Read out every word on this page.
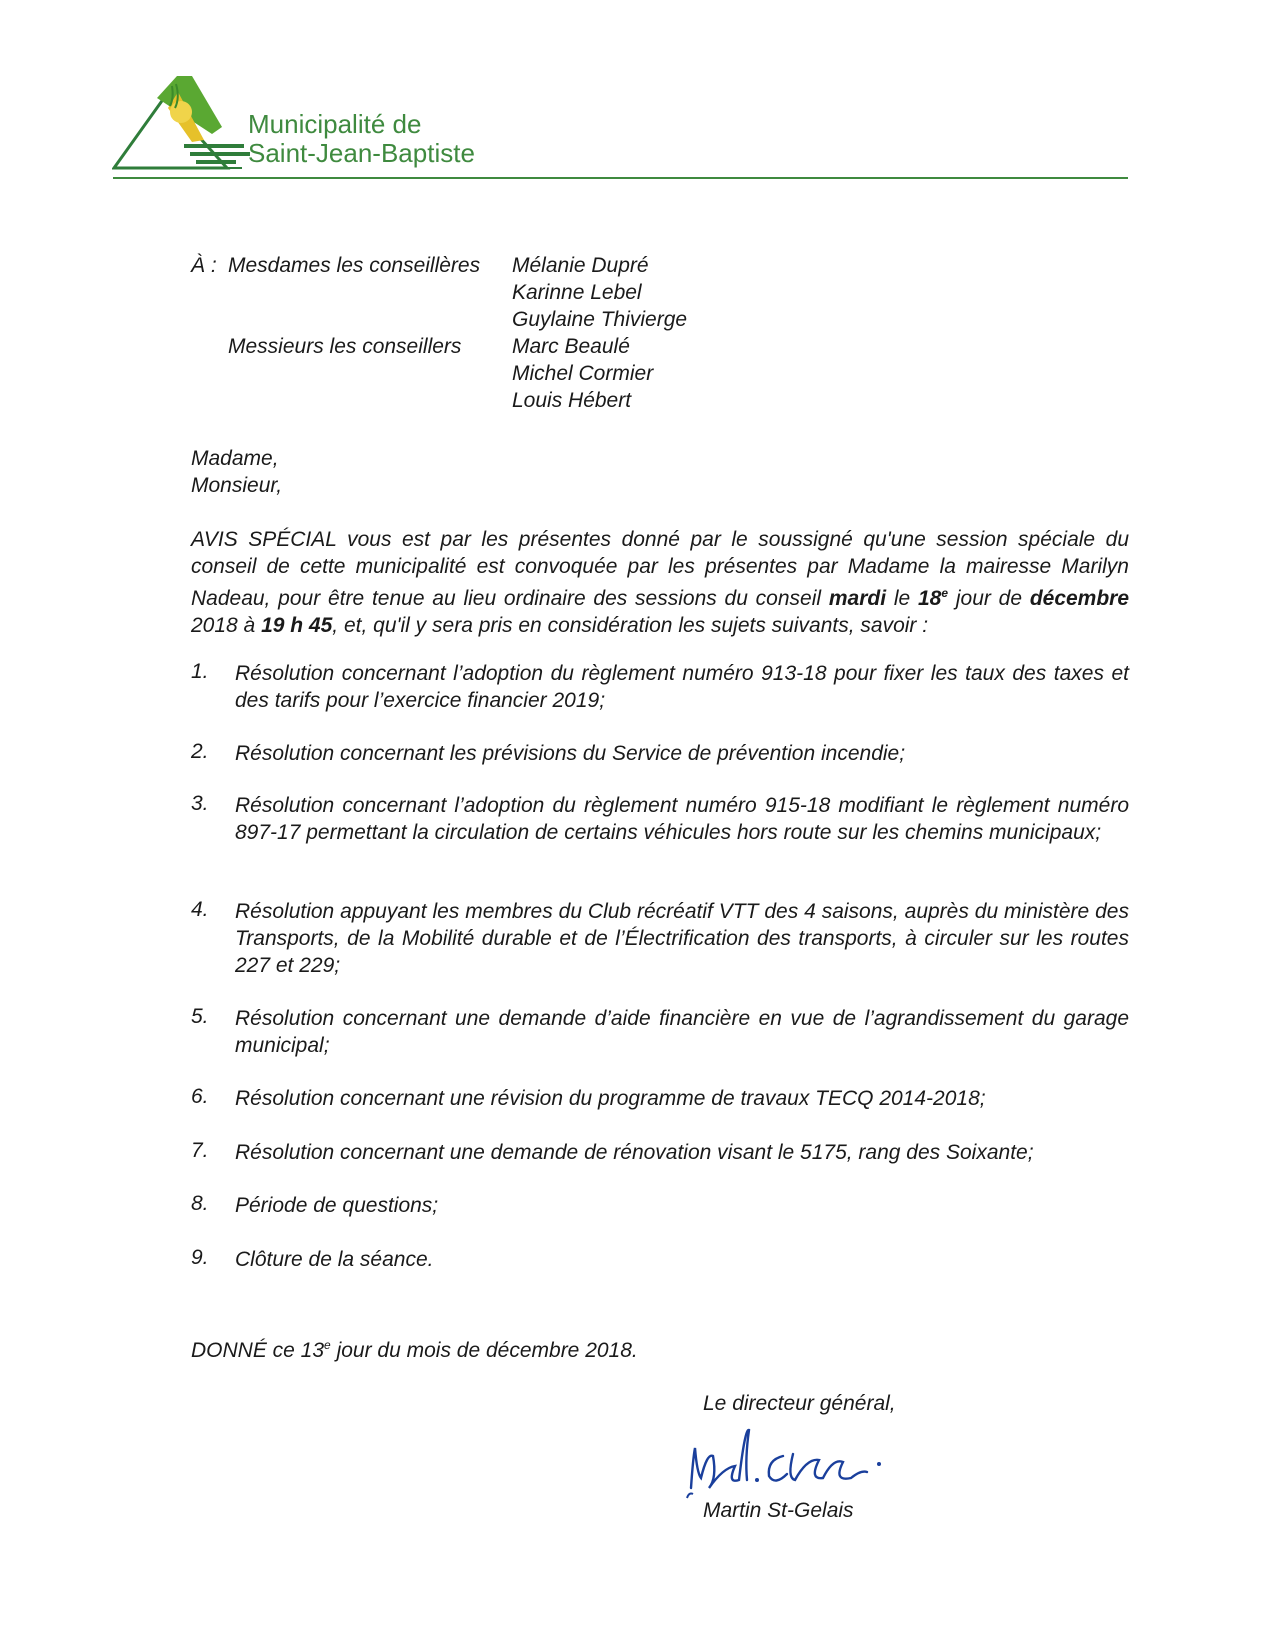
Municipalité de
Saint-Jean-Baptiste
À : Mesdames les conseillères Mélanie Dupré
Karinne Lebel
Guylaine Thivierge
Messieurs les conseillers Marc Beaulé
Michel Cormier
Louis Hébert
Madame,
Monsieur,
AVIS SPÉCIAL vous est par les présentes donné par le soussigné qu'une session spéciale du conseil de cette municipalité est convoquée par les présentes par Madame la mairesse Marilyn Nadeau, pour être tenue au lieu ordinaire des sessions du conseil mardi le 18e jour de décembre 2018 à 19 h 45, et, qu'il y sera pris en considération les sujets suivants, savoir :
1. Résolution concernant l’adoption du règlement numéro 913-18 pour fixer les taux des taxes et des tarifs pour l’exercice financier 2019;
2. Résolution concernant les prévisions du Service de prévention incendie;
3. Résolution concernant l’adoption du règlement numéro 915-18 modifiant le règlement numéro 897-17 permettant la circulation de certains véhicules hors route sur les chemins municipaux;
4. Résolution appuyant les membres du Club récréatif VTT des 4 saisons, auprès du ministère des Transports, de la Mobilité durable et de l’Électrification des transports, à circuler sur les routes 227 et 229;
5. Résolution concernant une demande d’aide financière en vue de l’agrandissement du garage municipal;
6. Résolution concernant une révision du programme de travaux TECQ 2014-2018;
7. Résolution concernant une demande de rénovation visant le 5175, rang des Soixante;
8. Période de questions;
9. Clôture de la séance.
DONNÉ ce 13e jour du mois de décembre 2018.
Le directeur général,
Martin St-Gelais
